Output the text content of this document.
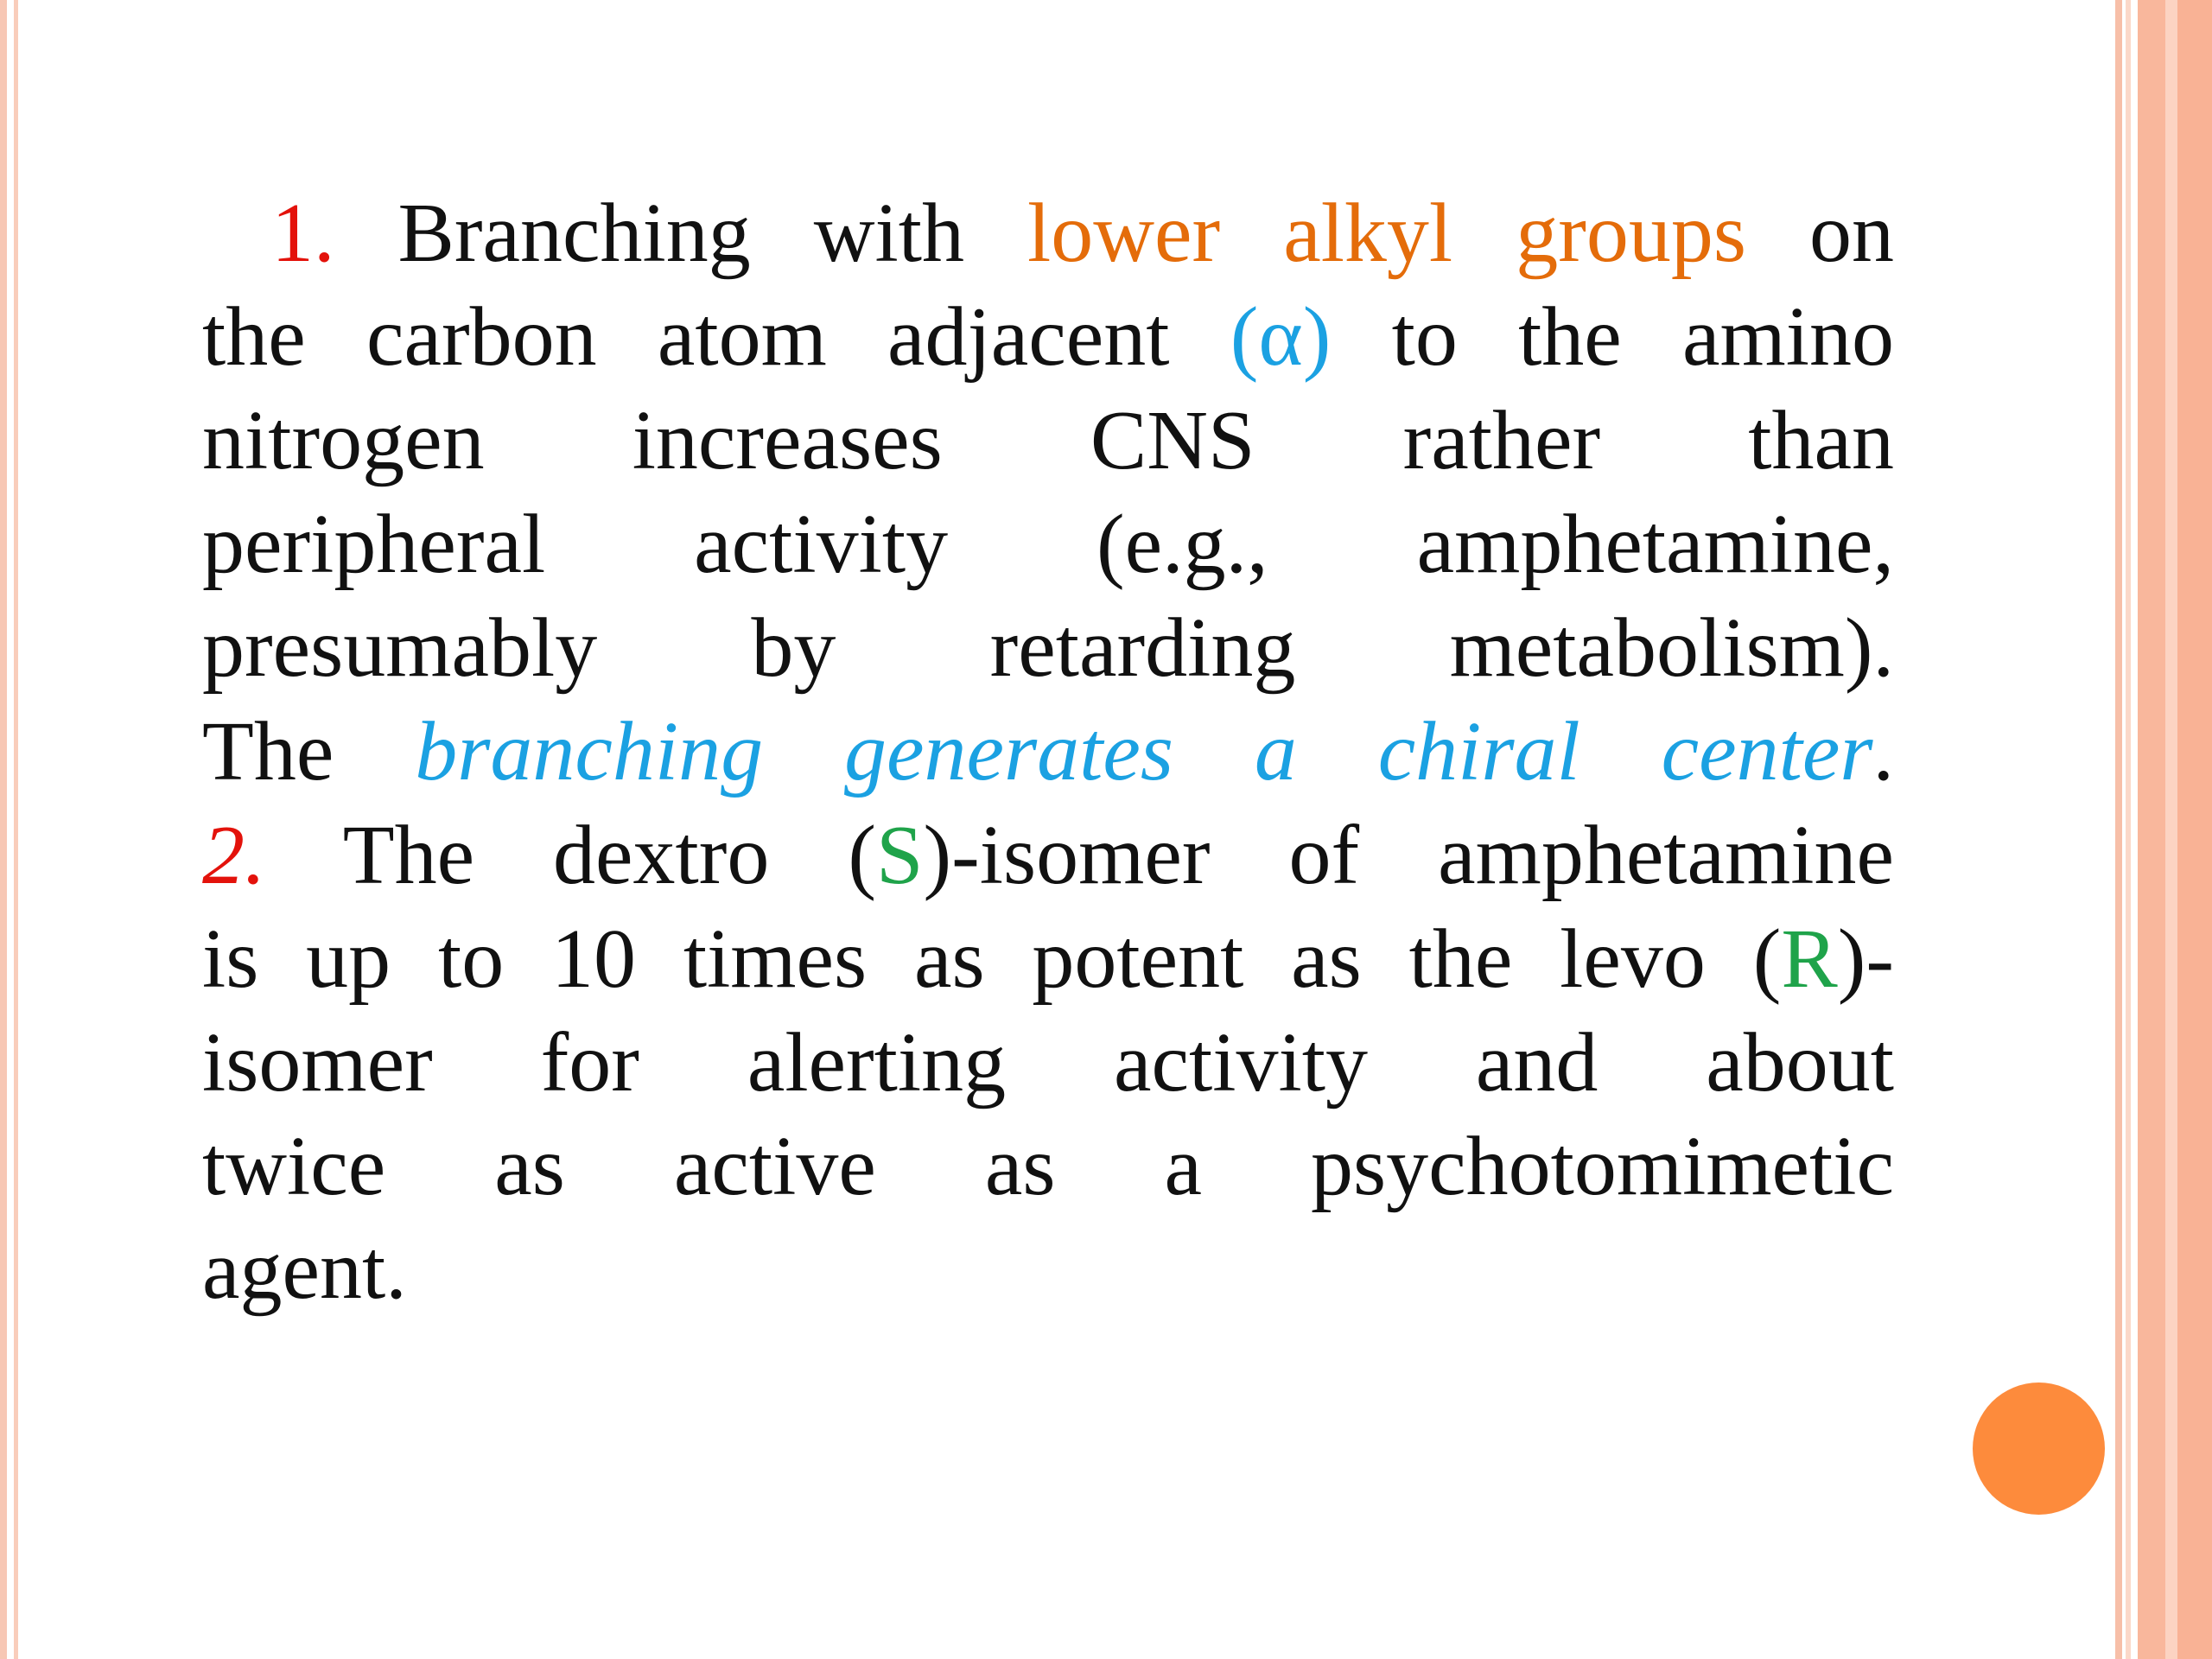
1. Branching with lower alkyl groups on
the carbon atom adjacent (α) to the amino
nitrogen increases CNS rather than
peripheral activity (e.g., amphetamine,
presumably by retarding metabolism).
The branching generates a chiral center.
2. The dextro (S)-isomer of amphetamine
is up to 10 times as potent as the levo (R)-
isomer for alerting activity and about
twice as active as a psychotomimetic
agent.
